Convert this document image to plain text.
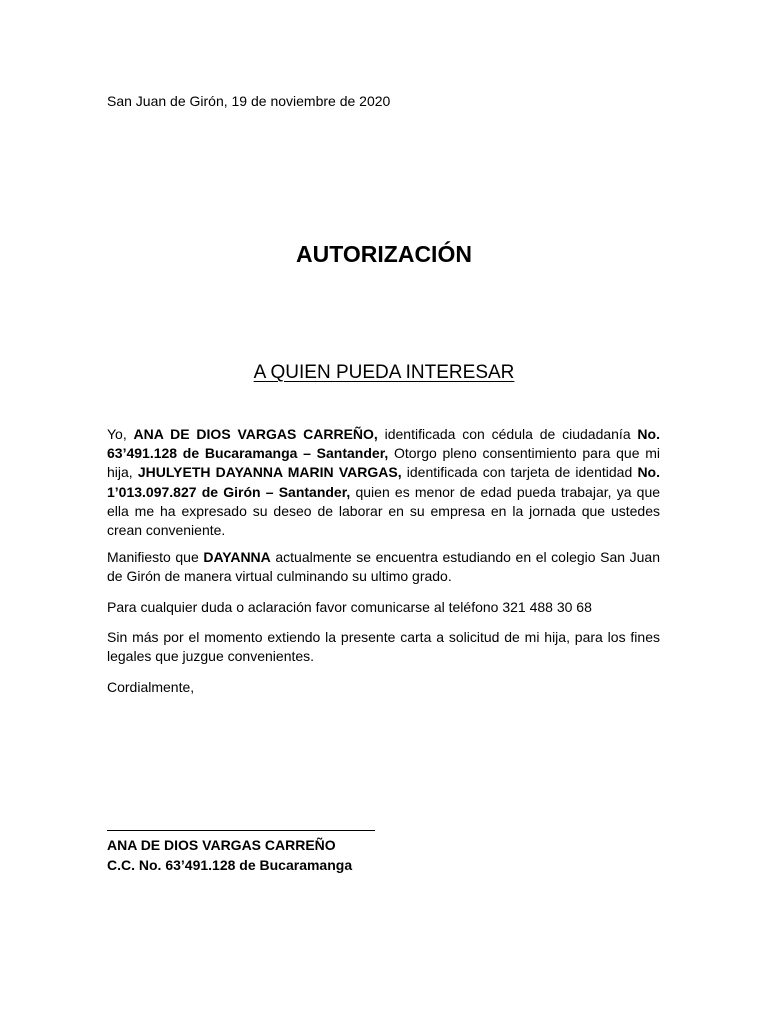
San Juan de Girón, 19 de noviembre de 2020
AUTORIZACIÓN
A QUIEN PUEDA INTERESAR

Yo, ANA DE DIOS VARGAS CARREÑO, identificada con cédula de ciudadanía No. 63’491.128 de Bucaramanga – Santander, Otorgo pleno consentimiento para que mi hija, JHULYETH DAYANNA MARIN VARGAS, identificada con tarjeta de identidad No. 1’013.097.827 de Girón – Santander, quien es menor de edad pueda trabajar, ya que ella me ha expresado su deseo de laborar en su empresa en la jornada que ustedes crean conveniente.

Manifiesto que DAYANNA actualmente se encuentra estudiando en el colegio San Juan de Girón de manera virtual culminando su ultimo grado.

Para cualquier duda o aclaración favor comunicarse al teléfono 321 488 30 68

Sin más por el momento extiendo la presente carta a solicitud de mi hija, para los fines legales que juzgue convenientes.

Cordialmente,

ANA DE DIOS VARGAS CARREÑO
C.C. No. 63’491.128 de Bucaramanga
